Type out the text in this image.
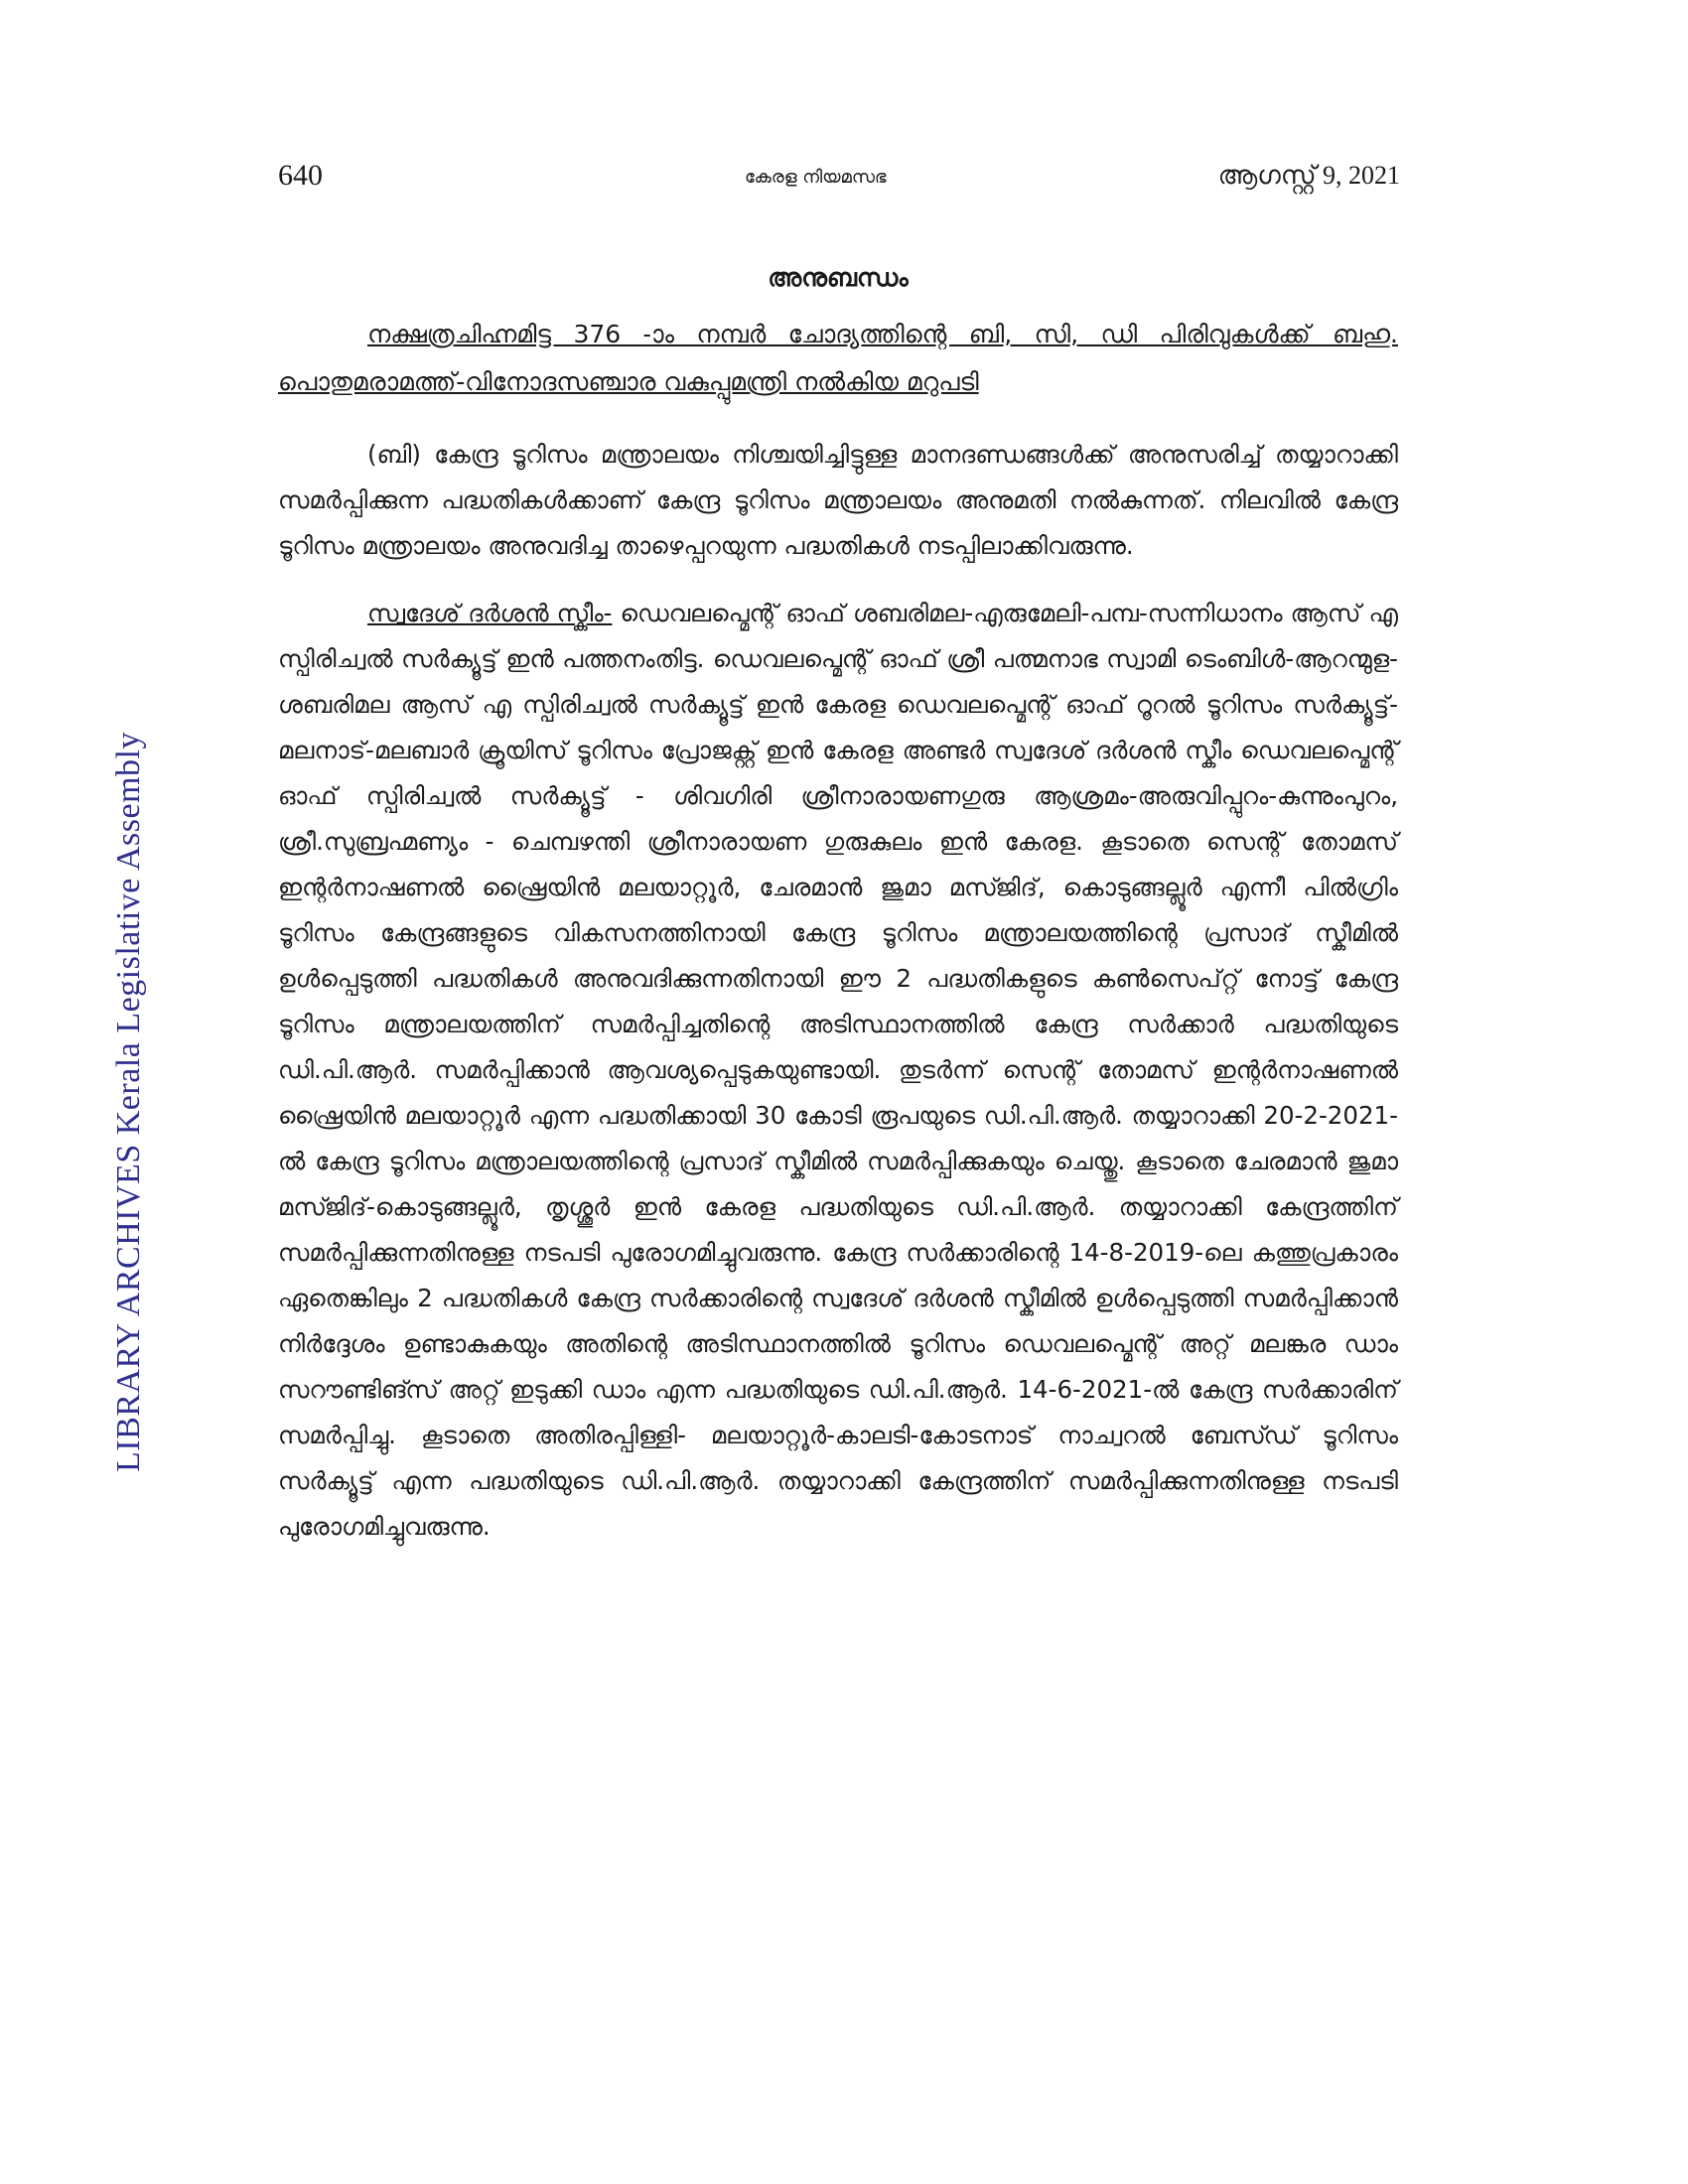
640	കേരള നിയമസഭ	ആഗസ്റ്റ് 9, 2021
LIBRARY ARCHIVES Kerala Legislative Assembly
അനുബന്ധം

നക്ഷത്രചിഹ്നമിട്ട 376 -ാം നമ്പർ ചോദ്യത്തിന്റെ ബി, സി, ഡി പിരിവുകൾക്ക് ബഹു. പൊതുമരാമത്ത്-വിനോദസഞ്ചാര വകുപ്പുമന്ത്രി നൽകിയ മറുപടി

(ബി) കേന്ദ്ര ടൂറിസം മന്ത്രാലയം നിശ്ചയിച്ചിട്ടുള്ള മാനദണ്ഡങ്ങൾക്ക് അനുസരിച്ച് തയ്യാറാക്കി സമർപ്പിക്കുന്ന പദ്ധതികൾക്കാണ് കേന്ദ്ര ടൂറിസം മന്ത്രാലയം അനുമതി നൽകുന്നത്. നിലവിൽ കേന്ദ്ര ടൂറിസം മന്ത്രാലയം അനുവദിച്ച താഴെപ്പറയുന്ന പദ്ധതികൾ നടപ്പിലാക്കിവരുന്നു.

സ്വദേശ് ദർശൻ സ്കീം- ഡെവലപ്മെന്റ് ഓഫ് ശബരിമല-എരുമേലി-പമ്പ-സന്നിധാനം ആസ് എ സ്പിരിച്വൽ സർക്യൂട്ട് ഇൻ പത്തനംതിട്ട. ഡെവലപ്മെന്റ് ഓഫ് ശ്രീ പത്മനാഭ സ്വാമി ടെംബിൾ-ആറന്മുള-ശബരിമല ആസ് എ സ്പിരിച്വൽ സർക്യൂട്ട് ഇൻ കേരള ഡെവലപ്മെന്റ് ഓഫ് റൂറൽ ടൂറിസം സർക്യൂട്ട്-മലനാട്-മലബാർ ക്രൂയിസ് ടൂറിസം പ്രോജക്റ്റ് ഇൻ കേരള അണ്ടർ സ്വദേശ് ദർശൻ സ്കീം ഡെവലപ്മെന്റ് ഓഫ് സ്പിരിച്വൽ സർക്യൂട്ട് - ശിവഗിരി ശ്രീനാരായണഗുരു ആശ്രമം-അരുവിപ്പുറം-കുന്നുംപുറം, ശ്രീ.സുബ്രഹ്മണ്യം - ചെമ്പഴന്തി ശ്രീനാരായണ ഗുരുകുലം ഇൻ കേരള. കൂടാതെ സെന്റ് തോമസ് ഇന്റർനാഷണൽ ഷ്രൈയിൻ മലയാറ്റൂർ, ചേരമാൻ ജുമാ മസ്ജിദ്, കൊടുങ്ങല്ലൂർ എന്നീ പിൽഗ്രിം ടൂറിസം കേന്ദ്രങ്ങളുടെ വികസനത്തിനായി കേന്ദ്ര ടൂറിസം മന്ത്രാലയത്തിന്റെ പ്രസാദ് സ്കീമിൽ ഉൾപ്പെടുത്തി പദ്ധതികൾ അനുവദിക്കുന്നതിനായി ഈ 2 പദ്ധതികളുടെ കൺസെപ്റ്റ് നോട്ട് കേന്ദ്ര ടൂറിസം മന്ത്രാലയത്തിന് സമർപ്പിച്ചതിന്റെ അടിസ്ഥാനത്തിൽ കേന്ദ്ര സർക്കാർ പദ്ധതിയുടെ ഡി.പി.ആർ. സമർപ്പിക്കാൻ ആവശ്യപ്പെടുകയുണ്ടായി. തുടർന്ന് സെന്റ് തോമസ് ഇന്റർനാഷണൽ ഷ്രൈയിൻ മലയാറ്റൂർ എന്ന പദ്ധതിക്കായി 30 കോടി രൂപയുടെ ഡി.പി.ആർ. തയ്യാറാക്കി 20-2-2021-ൽ കേന്ദ്ര ടൂറിസം മന്ത്രാലയത്തിന്റെ പ്രസാദ് സ്കീമിൽ സമർപ്പിക്കുകയും ചെയ്തു. കൂടാതെ ചേരമാൻ ജുമാ മസ്ജിദ്-കൊടുങ്ങല്ലൂർ, തൃശ്ശൂർ ഇൻ കേരള പദ്ധതിയുടെ ഡി.പി.ആർ. തയ്യാറാക്കി കേന്ദ്രത്തിന് സമർപ്പിക്കുന്നതിനുള്ള നടപടി പുരോഗമിച്ചുവരുന്നു. കേന്ദ്ര സർക്കാരിന്റെ 14-8-2019-ലെ കത്തുപ്രകാരം ഏതെങ്കിലും 2 പദ്ധതികൾ കേന്ദ്ര സർക്കാരിന്റെ സ്വദേശ് ദർശൻ സ്കീമിൽ ഉൾപ്പെടുത്തി സമർപ്പിക്കാൻ നിർദ്ദേശം ഉണ്ടാകുകയും അതിന്റെ അടിസ്ഥാനത്തിൽ ടൂറിസം ഡെവലപ്മെന്റ് അറ്റ് മലങ്കര ഡാം സറൗണ്ടിങ്സ് അറ്റ് ഇടുക്കി ഡാം എന്ന പദ്ധതിയുടെ ഡി.പി.ആർ. 14-6-2021-ൽ കേന്ദ്ര സർക്കാരിന് സമർപ്പിച്ചു. കൂടാതെ അതിരപ്പിള്ളി- മലയാറ്റൂർ-കാലടി-കോടനാട് നാച്വറൽ ബേസ്ഡ് ടൂറിസം സർക്യൂട്ട് എന്ന പദ്ധതിയുടെ ഡി.പി.ആർ. തയ്യാറാക്കി കേന്ദ്രത്തിന് സമർപ്പിക്കുന്നതിനുള്ള നടപടി പുരോഗമിച്ചുവരുന്നു.
